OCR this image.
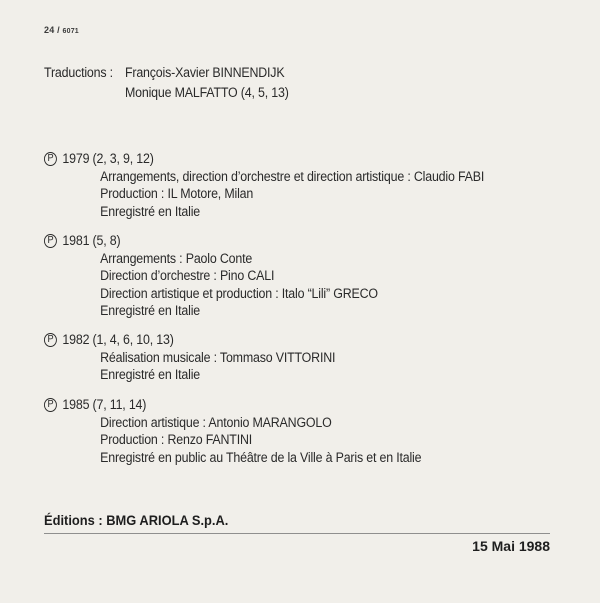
24 / 6071
Traductions : François-Xavier BINNENDIJK
Monique MALFATTO (4, 5, 13)
P 1979 (2, 3, 9, 12)
Arrangements, direction d’orchestre et direction artistique : Claudio FABI
Production : IL Motore, Milan
Enregistré en Italie
P 1981 (5, 8)
Arrangements : Paolo Conte
Direction d’orchestre : Pino CALI
Direction artistique et production : Italo “Lili” GRECO
Enregistré en Italie
P 1982 (1, 4, 6, 10, 13)
Réalisation musicale : Tommaso VITTORINI
Enregistré en Italie
P 1985 (7, 11, 14)
Direction artistique : Antonio MARANGOLO
Production : Renzo FANTINI
Enregistré en public au Théâtre de la Ville à Paris et en Italie
Éditions : BMG ARIOLA S.p.A.
15 Mai 1988
